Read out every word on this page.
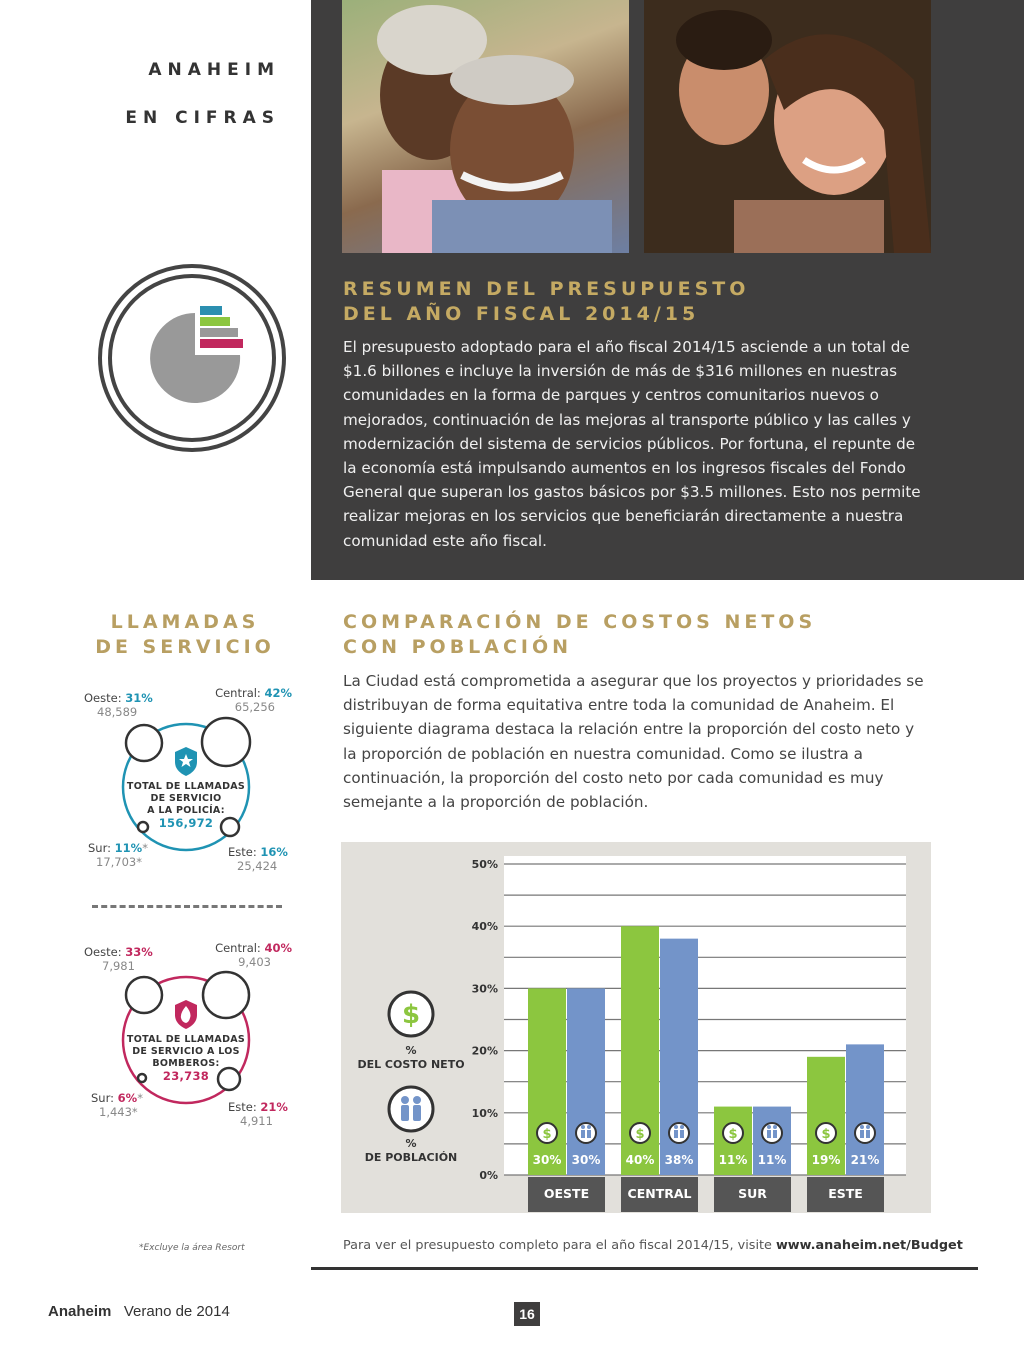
ANAHEIM
EN CIFRAS
RESUMEN DEL PRESUPUESTO
DEL AÑO FISCAL 2014/15
El presupuesto adoptado para el año fiscal 2014/15 asciende a un total de $1.6 billones e incluye la inversión de más de $316 millones en nuestras comunidades en la forma de parques y centros comunitarios nuevos o mejorados, continuación de las mejoras al transporte público y las calles y modernización del sistema de servicios públicos. Por fortuna, el repunte de la economía está impulsando aumentos en los ingresos fiscales del Fondo General que superan los gastos básicos por $3.5 millones. Esto nos permite realizar mejoras en los servicios que beneficiarán directamente a nuestra comunidad este año fiscal.
LLAMADAS
DE SERVICIO
Oeste: 31%
48,589
Central: 42%
65,256
Sur: 11%*
17,703*
Este: 16%
25,424
TOTAL DE LLAMADAS
DE SERVICIO
A LA POLICÍA:
156,972
Oeste: 33%
7,981
Central: 40%
9,403
Sur: 6%*
1,443*	Este: 21%
4,911
TOTAL DE LLAMADAS
DE SERVICIO A LOS
BOMBEROS:
23,738
*Excluye la área Resort
COMPARACIÓN DE COSTOS NETOS
CON POBLACIÓN
La Ciudad está comprometida a asegurar que los proyectos y prioridades se distribuyan de forma equitativa entre toda la comunidad de Anaheim. El siguiente diagrama destaca la relación entre la proporción del costo neto y la proporción de población en nuestra comunidad. Como se ilustra a continuación, la proporción del costo neto por cada comunidad es muy semejante a la proporción de población.
$
%
DEL COSTO NETO
%
DE POBLACIÓN
0%
10%
20%
30%
40%
50%
$
30% 30%
OESTE
$
40% 38%
CENTRAL
$
11% 11%
SUR
$
19% 21%
ESTE
Para ver el presupuesto completo para el año fiscal 2014/15, visite www.anaheim.net/Budget
Anaheim Verano de 2014	16
